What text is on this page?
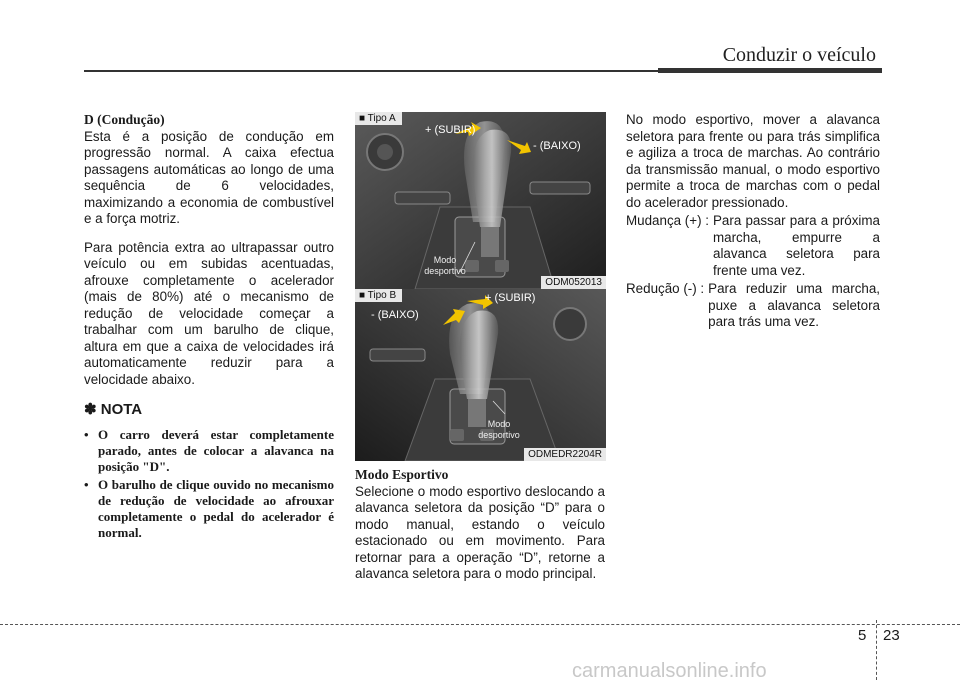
Conduzir o veículo

D (Condução)

Esta é a posição de condução em progressão normal. A caixa efectua passagens automáticas ao longo de uma sequência de 6 velocidades, maximizando a economia de combustível e a força motriz.

Para potência extra ao ultrapassar outro veículo ou em subidas acentuadas, afrouxe completamente o acelerador (mais de 80%) até o mecanismo de redução de velocidade começar a trabalhar com um barulho de clique, altura em que a caixa de velocidades irá automaticamente reduzir para a velocidade abaixo.

✽ NOTA
• O carro deverá estar completamente parado, antes de colocar a alavanca na posição "D".
• O barulho de clique ouvido no mecanismo de redução de velocidade ao afrouxar completamente o pedal do acelerador é normal.
■ Tipo A
+ (SUBIR)
- (BAIXO)
Modo
desportivo
ODM052013
■ Tipo B	+ (SUBIR)
- (BAIXO)
Modo
desportivo
ODMEDR2204R

Modo Esportivo

Selecione o modo esportivo deslocando a alavanca seletora da posição “D” para o modo manual, estando o veículo estacionado ou em movimento. Para retornar para a operação “D”, retorne a alavanca seletora para o modo principal.

No modo esportivo, mover a alavanca seletora para frente ou para trás simplifica e agiliza a troca de marchas. Ao contrário da transmissão manual, o modo esportivo permite a troca de marchas com o pedal do acelerador pressionado.

Mudança (+) : Para passar para a próxima marcha, empurre a alavanca seletora para frente uma vez.
Redução (-) : Para reduzir uma marcha, puxe a alavanca seletora para trás uma vez.
5 23
carmanualsonline.info
